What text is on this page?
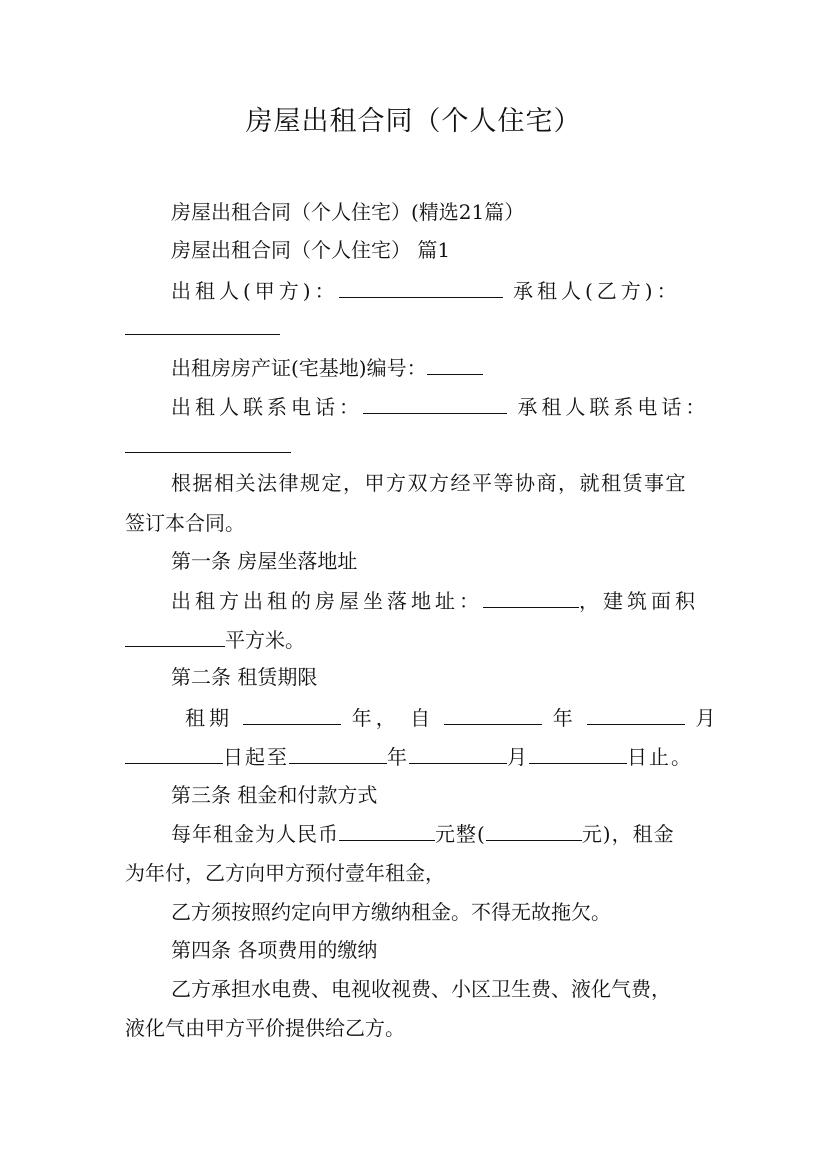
房屋出租合同（个人住宅）
房屋出租合同（个人住宅）(精选21篇）
房屋出租合同（个人住宅） 篇1
出租人(甲方)：	承租人(乙方)：
出租房房产证(宅基地)编号：
出租人联系电话：	承租人联系电话：
根据相关法律规定，甲方双方经平等协商，就租赁事宜
签订本合同。
第一条 房屋坐落地址
出租方出租的房屋坐落地址：	，建筑面积
平方米。
第二条 租赁期限
租期	年， 自	年	月
日起至	年	月	日止。
第三条 租金和付款方式
每年租金为人民币	元整(	元)，租金
为年付，乙方向甲方预付壹年租金，
乙方须按照约定向甲方缴纳租金。不得无故拖欠。
第四条 各项费用的缴纳
乙方承担水电费、电视收视费、小区卫生费、液化气费，
液化气由甲方平价提供给乙方。
